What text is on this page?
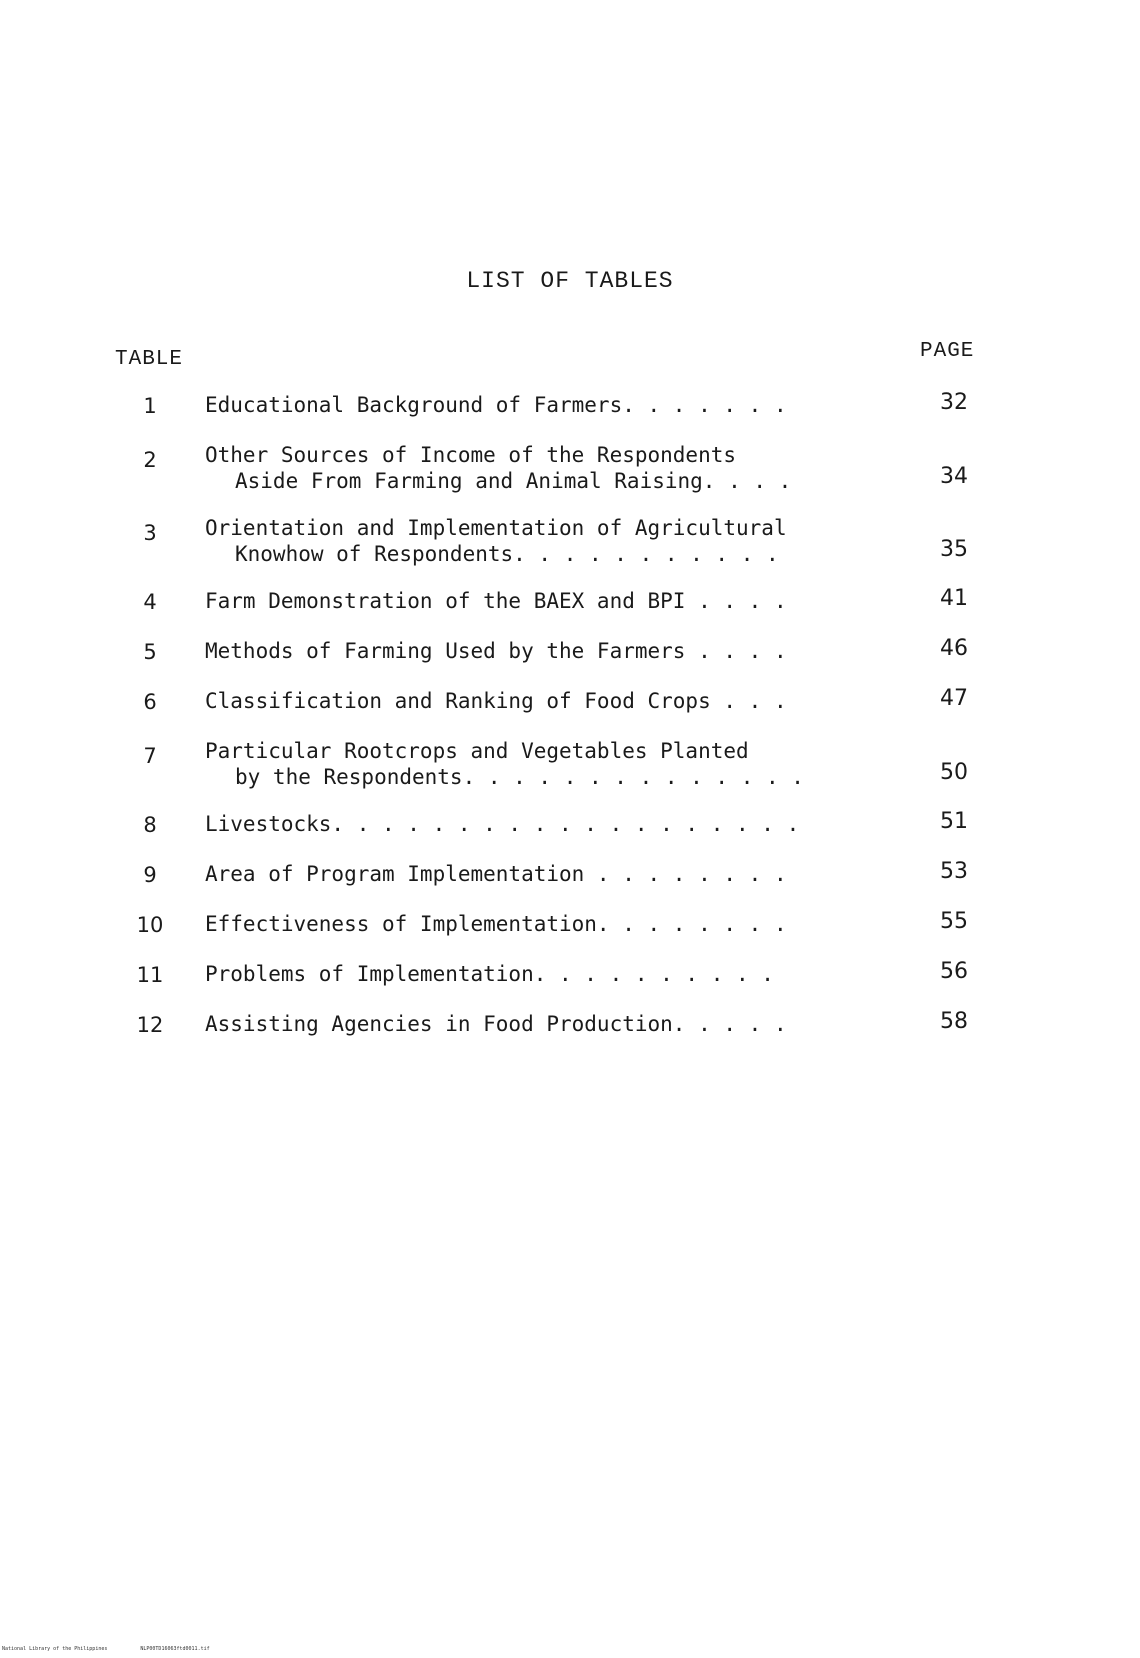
LIST OF TABLES
TABLE	PAGE
1	Educational Background of Farmers. . . . . . .	32
2	Other Sources of Income of the Respondents
Aside From Farming and Animal Raising. . . .	34
3	Orientation and Implementation of Agricultural
Knowhow of Respondents. . . . . . . . . . .	35
4	Farm Demonstration of the BAEX and BPI . . . .	41
5	Methods of Farming Used by the Farmers . . . .	46
6	Classification and Ranking of Food Crops . . .	47
7	Particular Rootcrops and Vegetables Planted
by the Respondents. . . . . . . . . . . . . .	50
8	Livestocks. . . . . . . . . . . . . . . . . . .	51
9	Area of Program Implementation . . . . . . . .	53
10	Effectiveness of Implementation. . . . . . . .	55
11	Problems of Implementation. . . . . . . . . .	56
12	Assisting Agencies in Food Production. . . . .	58
National Library of the Philippines	NLP00TD16063ftd0011.tif
